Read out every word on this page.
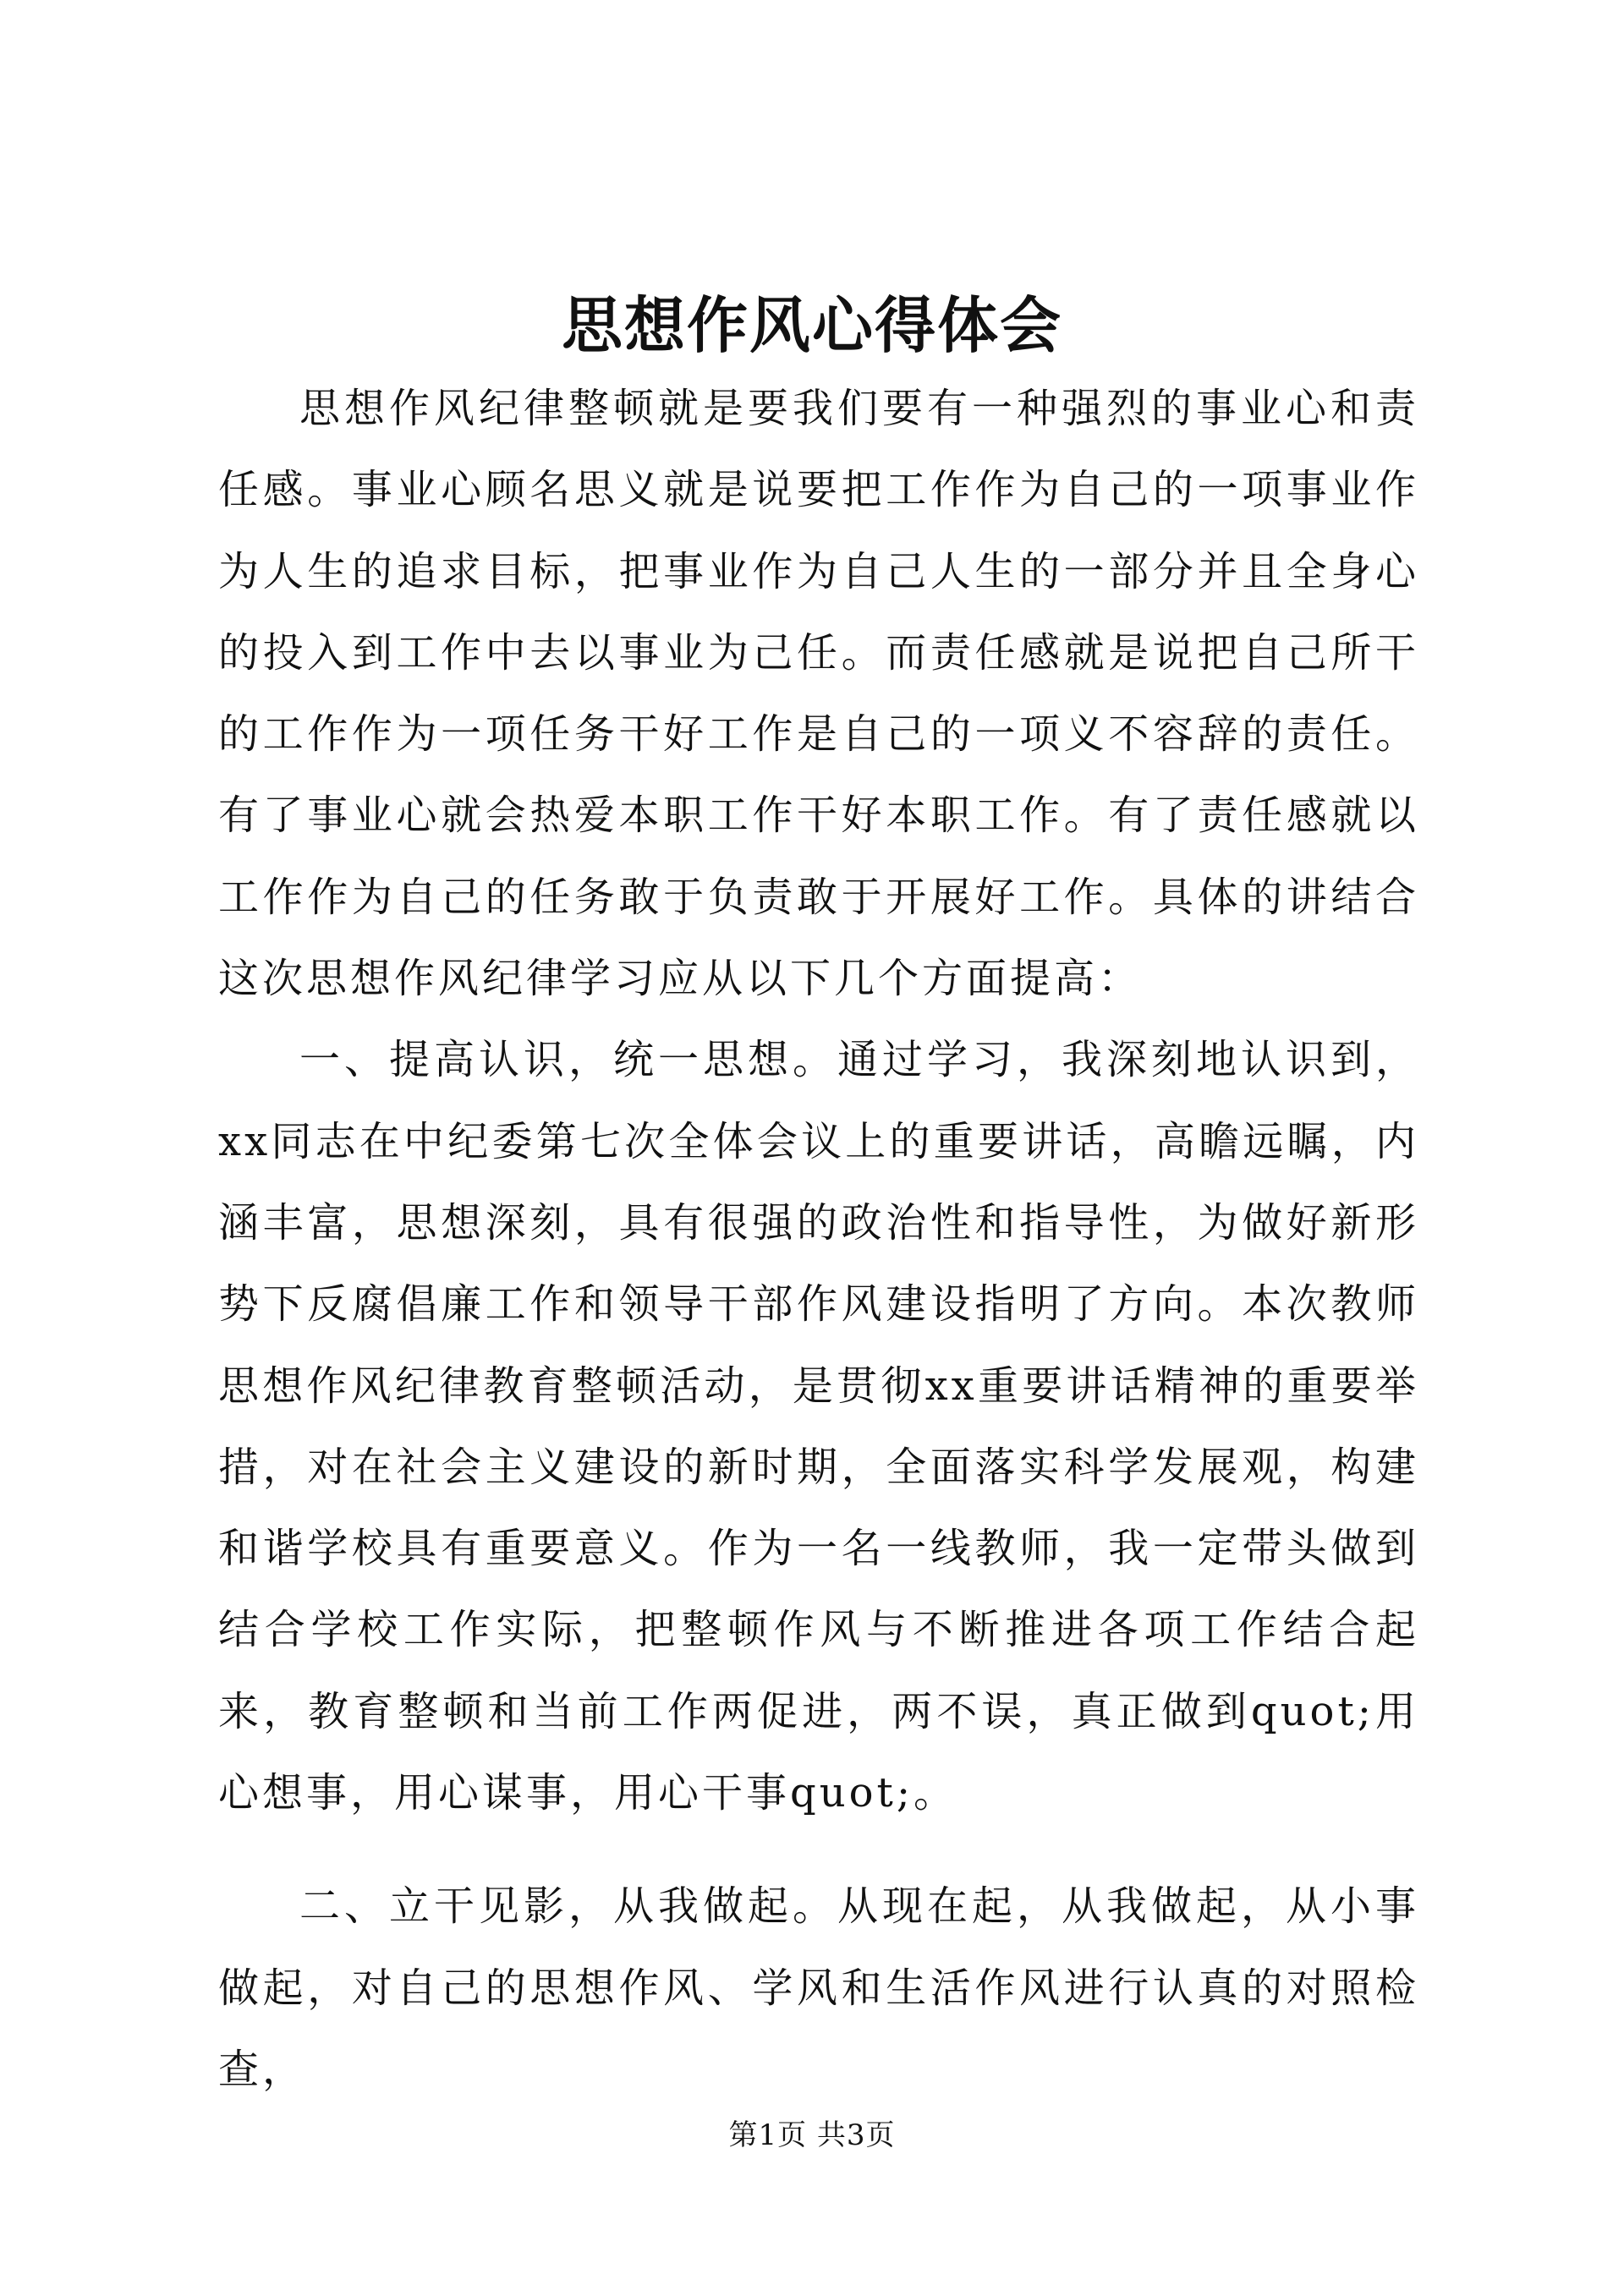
思想作风心得体会

思想作风纪律整顿就是要我们要有一种强烈的事业心和责任感。事业心顾名思义就是说要把工作作为自己的一项事业作为人生的追求目标，把事业作为自己人生的一部分并且全身心的投入到工作中去以事业为己任。而责任感就是说把自己所干的工作作为一项任务干好工作是自己的一项义不容辞的责任。有了事业心就会热爱本职工作干好本职工作。有了责任感就以工作作为自己的任务敢于负责敢于开展好工作。具体的讲结合这次思想作风纪律学习应从以下几个方面提高：

一、提高认识，统一思想。通过学习，我深刻地认识到，xx同志在中纪委第七次全体会议上的重要讲话，高瞻远瞩，内涵丰富，思想深刻，具有很强的政治性和指导性，为做好新形势下反腐倡廉工作和领导干部作风建设指明了方向。本次教师思想作风纪律教育整顿活动，是贯彻xx重要讲话精神的重要举措，对在社会主义建设的新时期，全面落实科学发展观，构建和谐学校具有重要意义。作为一名一线教师，我一定带头做到结合学校工作实际，把整顿作风与不断推进各项工作结合起来，教育整顿和当前工作两促进，两不误，真正做到quot;用心想事，用心谋事，用心干事quot;。

二、立干见影，从我做起。从现在起，从我做起，从小事做起，对自己的思想作风、学风和生活作风进行认真的对照检查，

第1页 共3页
